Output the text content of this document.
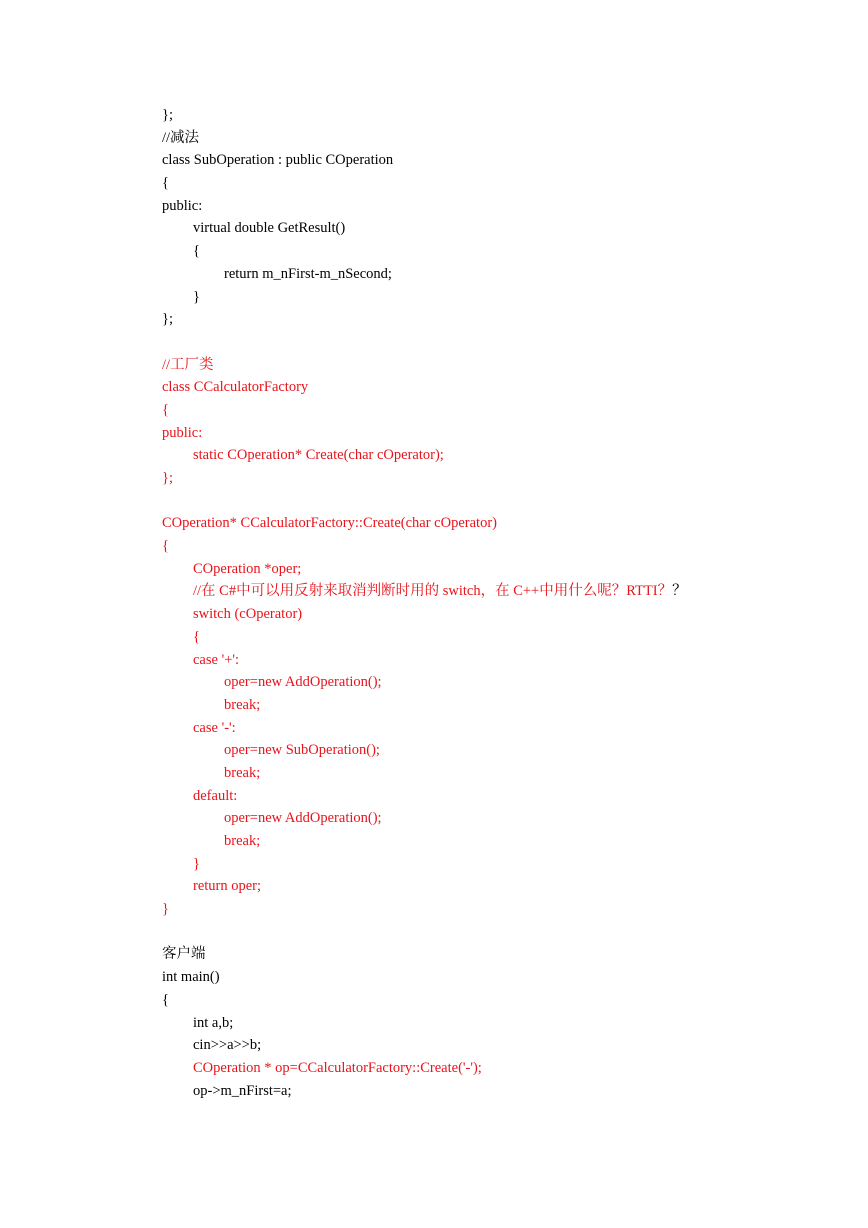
};
//减法
class SubOperation : public COperation
{
public:
virtual double GetResult()
{
return m_nFirst-m_nSecond;
}
};
//工厂类
class CCalculatorFactory
{
public:
static COperation* Create(char cOperator);
};
COperation* CCalculatorFactory::Create(char cOperator)
{
COperation *oper;
//在 C#中可以用反射来取消判断时用的 switch，在 C++中用什么呢？RTTI？？
switch (cOperator)
{
case '+':
oper=new AddOperation();
break;
case '-':
oper=new SubOperation();
break;
default:
oper=new AddOperation();
break;
}
return oper;
}
客户端
int main()
{
int a,b;
cin>>a>>b;
COperation * op=CCalculatorFactory::Create('-');
op->m_nFirst=a;
